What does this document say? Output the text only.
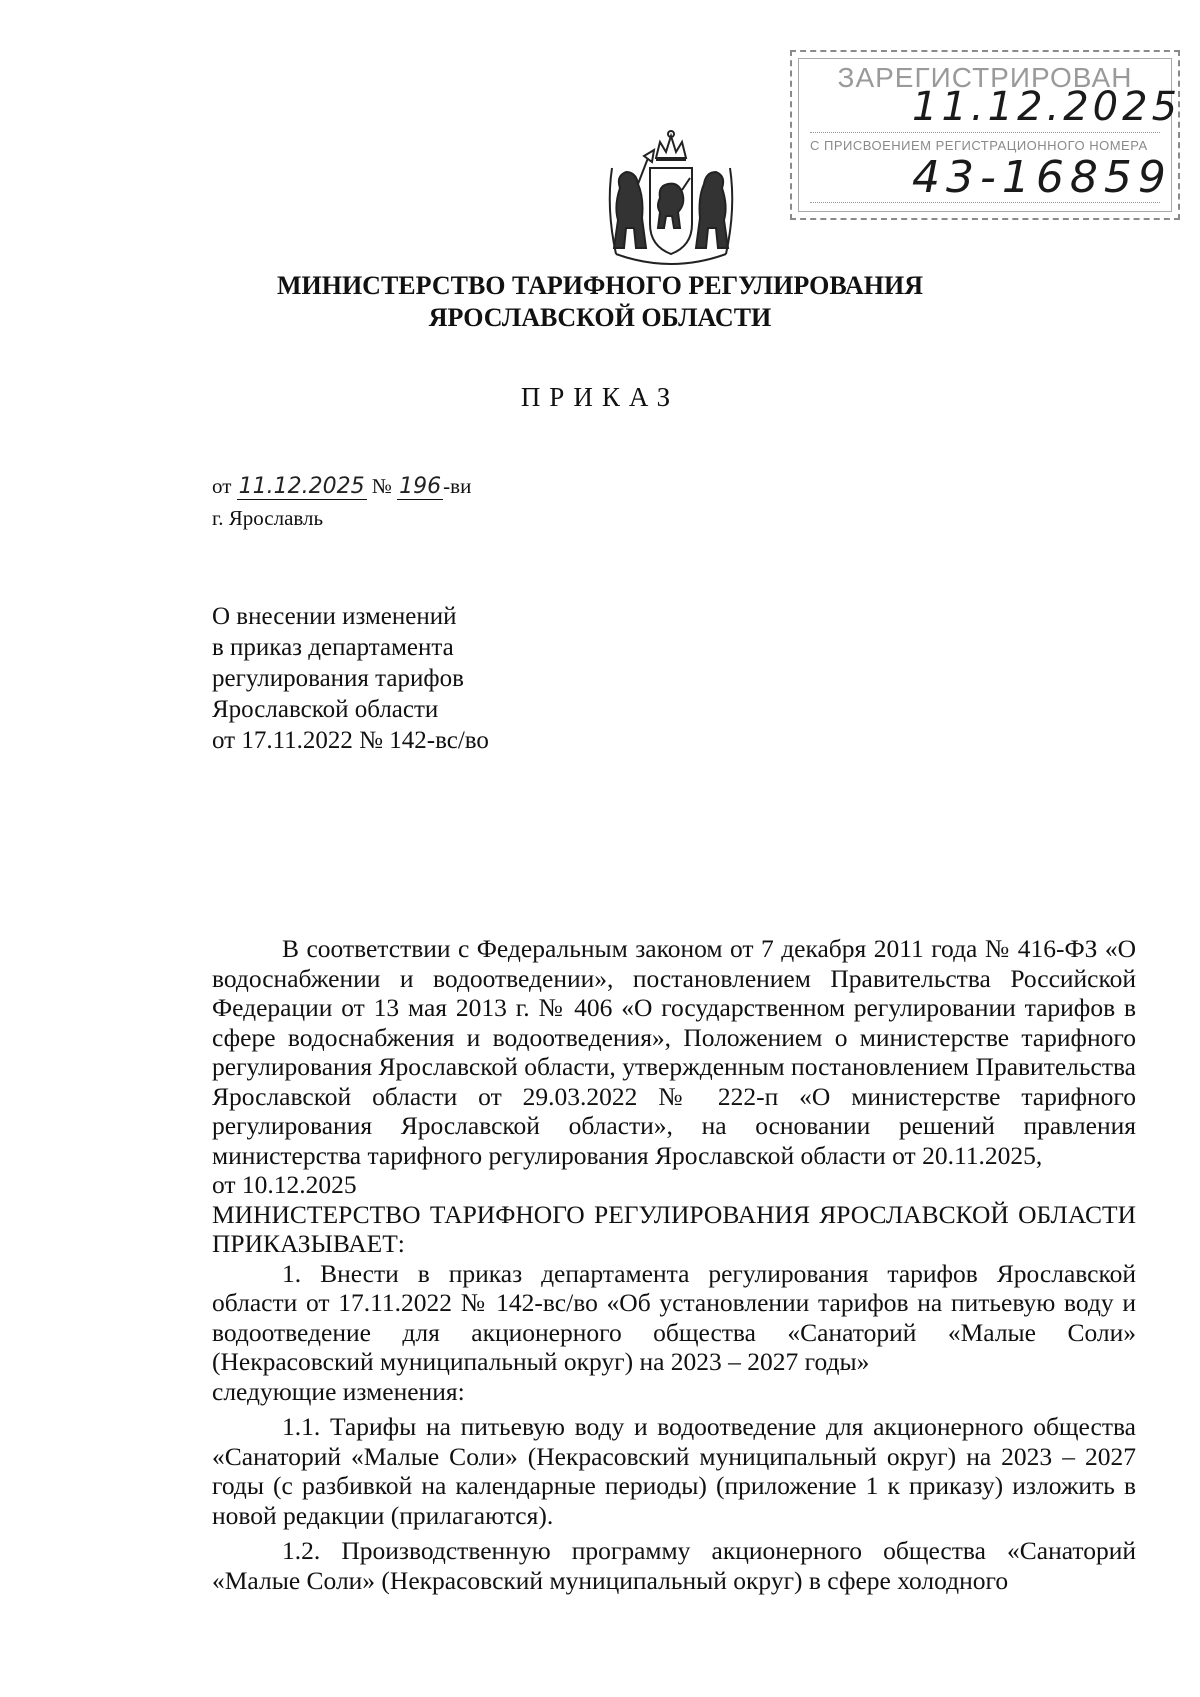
ЗАРЕГИСТРИРОВАН
11.12.2025
С ПРИСВОЕНИЕМ РЕГИСТРАЦИОННОГО НОМЕРА
43-16859
МИНИСТЕРСТВО ТАРИФНОГО РЕГУЛИРОВАНИЯ
ЯРОСЛАВСКОЙ ОБЛАСТИ
ПРИКАЗ
от 11.12.2025 № 196-ви
г. Ярославль
О внесении изменений
в приказ департамента
регулирования тарифов
Ярославской области
от 17.11.2022 № 142-вс/во

В соответствии с Федеральным законом от 7 декабря 2011 года № 416-ФЗ «О водоснабжении и водоотведении», постановлением Правительства Российской Федерации от 13 мая 2013 г. № 406 «О государственном регулировании тарифов в сфере водоснабжения и водоотведения», Положением о министерстве тарифного регулирования Ярославской области, утвержденным постановлением Правительства Ярославской области от 29.03.2022 № 222-п «О министерстве тарифного регулирования Ярославской области», на основании решений правления министерства тарифного регулирования Ярославской области от 20.11.2025,

от 10.12.2025

МИНИСТЕРСТВО ТАРИФНОГО РЕГУЛИРОВАНИЯ ЯРОСЛАВСКОЙ ОБЛАСТИ ПРИКАЗЫВАЕТ:

1. Внести в приказ департамента регулирования тарифов Ярославской области от 17.11.2022 № 142-вс/во «Об установлении тарифов на питьевую воду и водоотведение для акционерного общества «Санаторий «Малые Соли» (Некрасовский муниципальный округ) на 2023 – 2027 годы»

следующие изменения:

1.1. Тарифы на питьевую воду и водоотведение для акционерного общества «Санаторий «Малые Соли» (Некрасовский муниципальный округ) на 2023 – 2027 годы (с разбивкой на календарные периоды) (приложение 1 к приказу) изложить в новой редакции (прилагаются).

1.2. Производственную программу акционерного общества «Санаторий «Малые Соли» (Некрасовский муниципальный округ) в сфере холодного
